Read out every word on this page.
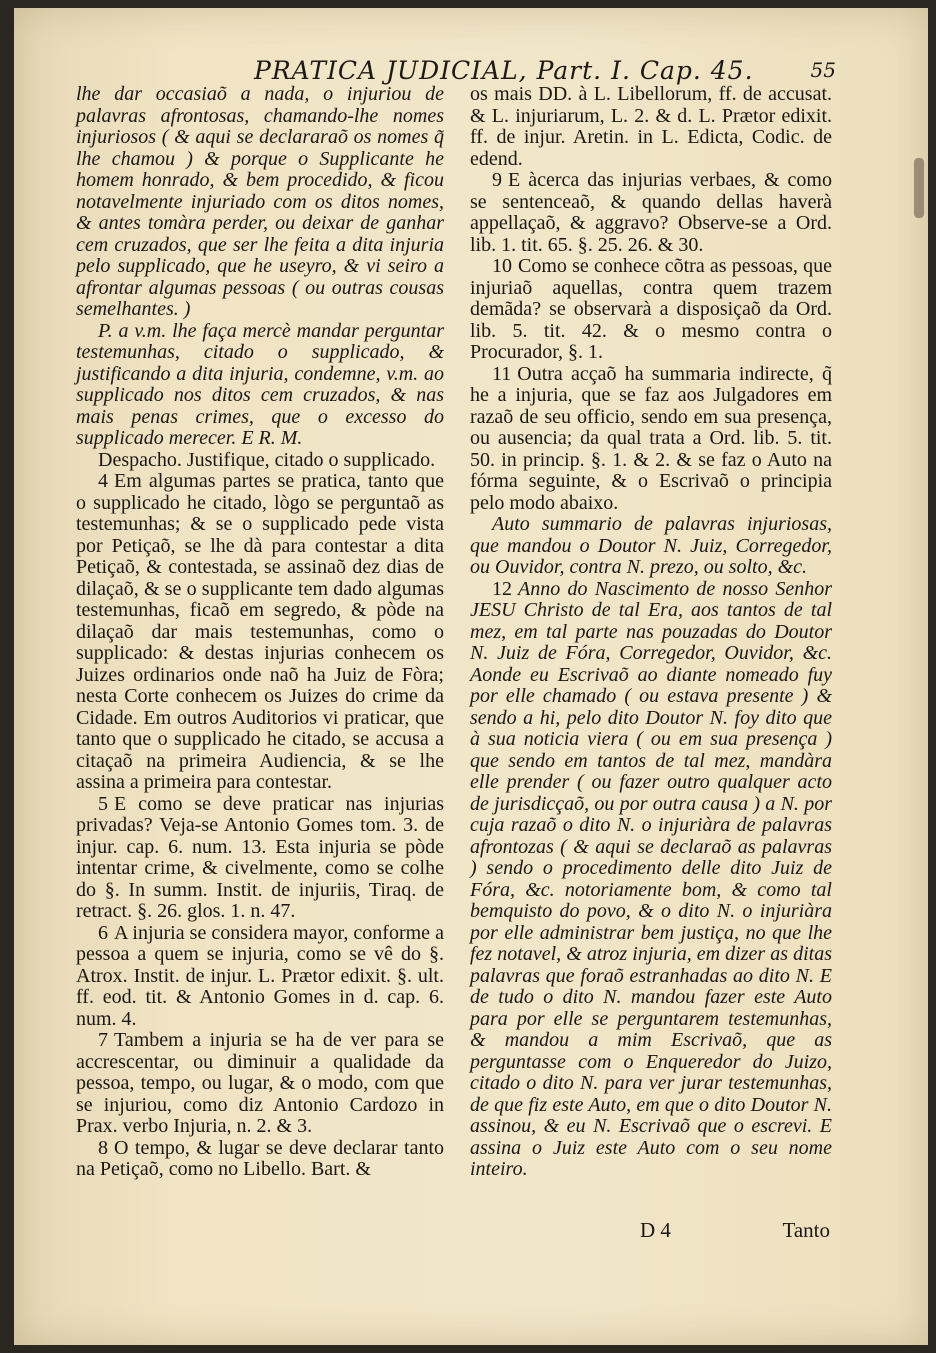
PRATICA JUDICIAL, Part. I. Cap. 45.	55

lhe dar occasiaõ a nada, o injuriou de palavras afrontosas, chamando-lhe nomes injuriosos ( & aqui se declararaõ os nomes q̃ lhe chamou ) & porque o Supplicante he homem honrado, & bem procedido, & ficou notavelmente injuriado com os ditos nomes, & antes tomàra perder, ou deixar de ganhar cem cruzados, que ser lhe feita a dita injuria pelo supplicado, que he useyro, & vi seiro a afrontar algumas pessoas ( ou outras cousas semelhantes. )

P. a v.m. lhe faça mercè mandar perguntar testemunhas, citado o supplicado, & justificando a dita injuria, condemne, v.m. ao supplicado nos ditos cem cruzados, & nas mais penas crimes, que o excesso do supplicado merecer. E R. M.

Despacho. Justifique, citado o supplicado.

4 Em algumas partes se pratica, tanto que o supplicado he citado, lògo se perguntaõ as testemunhas; & se o supplicado pede vista por Petiçaõ, se lhe dà para contestar a dita Petiçaõ, & contestada, se assinaõ dez dias de dilaçaõ, & se o supplicante tem dado algumas testemunhas, ficaõ em segredo, & pòde na dilaçaõ dar mais testemunhas, como o supplicado: & destas injurias conhecem os Juizes ordinarios onde naõ ha Juiz de Fòra; nesta Corte conhecem os Juizes do crime da Cidade. Em outros Auditorios vi praticar, que tanto que o supplicado he citado, se accusa a citaçaõ na primeira Audiencia, & se lhe assina a primeira para contestar.

5 E como se deve praticar nas injurias privadas? Veja-se Antonio Gomes tom. 3. de injur. cap. 6. num. 13. Esta injuria se pòde intentar crime, & civelmente, como se colhe do §. In summ. Instit. de injuriis, Tiraq. de retract. §. 26. glos. 1. n. 47.

6 A injuria se considera mayor, conforme a pessoa a quem se injuria, como se vê do §. Atrox. Instit. de injur. L. Prætor edixit. §. ult. ff. eod. tit. & Antonio Gomes in d. cap. 6. num. 4.

7 Tambem a injuria se ha de ver para se accrescentar, ou diminuir a qualidade da pessoa, tempo, ou lugar, & o modo, com que se injuriou, como diz Antonio Cardozo in Prax. verbo Injuria, n. 2. & 3.

8 O tempo, & lugar se deve declarar tanto na Petiçaõ, como no Libello. Bart. &

os mais DD. à L. Libellorum, ff. de accusat. & L. injuriarum, L. 2. & d. L. Prætor edixit. ff. de injur. Aretin. in L. Edicta, Codic. de edend.

9 E àcerca das injurias verbaes, & como se sentenceaõ, & quando dellas haverà appellaçaõ, & aggravo? Observe-se a Ord. lib. 1. tit. 65. §. 25. 26. & 30.

10 Como se conhece cõtra as pessoas, que injuriaõ aquellas, contra quem trazem demãda? se observarà a disposiçaõ da Ord. lib. 5. tit. 42. & o mesmo contra o Procurador, §. 1.

11 Outra acçaõ ha summaria indirecte, q̃ he a injuria, que se faz aos Julgadores em razaõ de seu officio, sendo em sua presença, ou ausencia; da qual trata a Ord. lib. 5. tit. 50. in princip. §. 1. & 2. & se faz o Auto na fórma seguinte, & o Escrivaõ o principia pelo modo abaixo.

Auto summario de palavras injuriosas, que mandou o Doutor N. Juiz, Corregedor, ou Ouvidor, contra N. prezo, ou solto, &c.

12 Anno do Nascimento de nosso Senhor JESU Christo de tal Era, aos tantos de tal mez, em tal parte nas pouzadas do Doutor N. Juiz de Fóra, Corregedor, Ouvidor, &c. Aonde eu Escrivaõ ao diante nomeado fuy por elle chamado ( ou estava presente ) & sendo a hi, pelo dito Doutor N. foy dito que à sua noticia viera ( ou em sua presença ) que sendo em tantos de tal mez, mandàra elle prender ( ou fazer outro qualquer acto de jurisdicçaõ, ou por outra causa ) a N. por cuja razaõ o dito N. o injuriàra de palavras afrontozas ( & aqui se declaraõ as palavras ) sendo o procedimento delle dito Juiz de Fóra, &c. notoriamente bom, & como tal bemquisto do povo, & o dito N. o injuriàra por elle administrar bem justiça, no que lhe fez notavel, & atroz injuria, em dizer as ditas palavras que foraõ estranhadas ao dito N. E de tudo o dito N. mandou fazer este Auto para por elle se perguntarem testemunhas, & mandou a mim Escrivaõ, que as perguntasse com o Enqueredor do Juizo, citado o dito N. para ver jurar testemunhas, de que fiz este Auto, em que o dito Doutor N. assinou, & eu N. Escrivaõ que o escrevi. E assina o Juiz este Auto com o seu nome inteiro.

D 4	Tanto
